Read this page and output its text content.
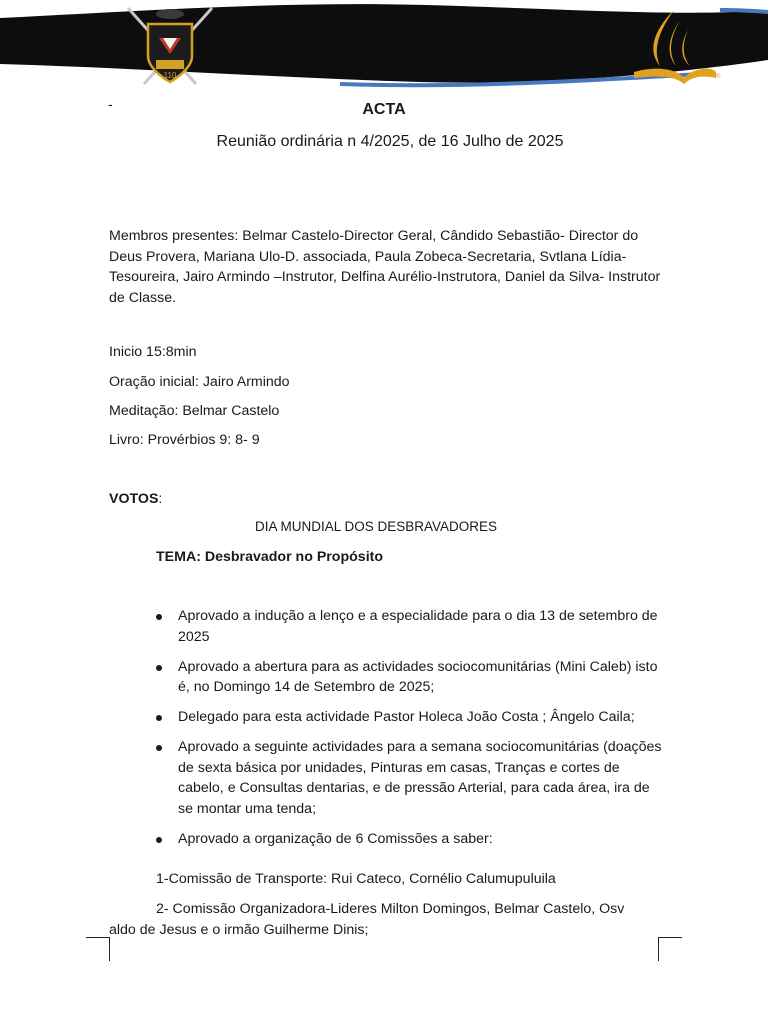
110	®
-	ACTA
Reunião ordinária n 4/2025, de 16 Julho de 2025

Membros presentes: Belmar Castelo-Director Geral, Cândido Sebastião- Director do Deus Provera, Mariana Ulo-D. associada, Paula Zobeca-Secretaria, Svtlana Lídia-Tesoureira, Jairo Armindo –Instrutor, Delfina Aurélio-Instrutora, Daniel da Silva- Instrutor de Classe.

Inicio 15:8min
Oração inicial: Jairo Armindo
Meditação: Belmar Castelo
Livro: Provérbios 9: 8- 9
VOTOS:
DIA MUNDIAL DOS DESBRAVADORES
TEMA: Desbravador no Propósito
Aprovado a indução a lenço e a especialidade para o dia 13 de setembro de 2025
Aprovado a abertura para as actividades sociocomunitárias (Mini Caleb) isto é, no Domingo 14 de Setembro de 2025;
Delegado para esta actividade Pastor Holeca João Costa ; Ângelo Caila;
Aprovado a seguinte actividades para a semana sociocomunitárias (doações de sexta básica por unidades, Pinturas em casas, Tranças e cortes de cabelo, e Consultas dentarias, e de pressão Arterial, para cada área, ira de se montar uma tenda;
Aprovado a organização de 6 Comissões a saber:
1-Comissão de Transporte: Rui Cateco, Cornélio Calumupuluila
2- Comissão Organizadora-Lideres Milton Domingos, Belmar Castelo, Osv
aldo de Jesus e o irmão Guilherme Dinis;
